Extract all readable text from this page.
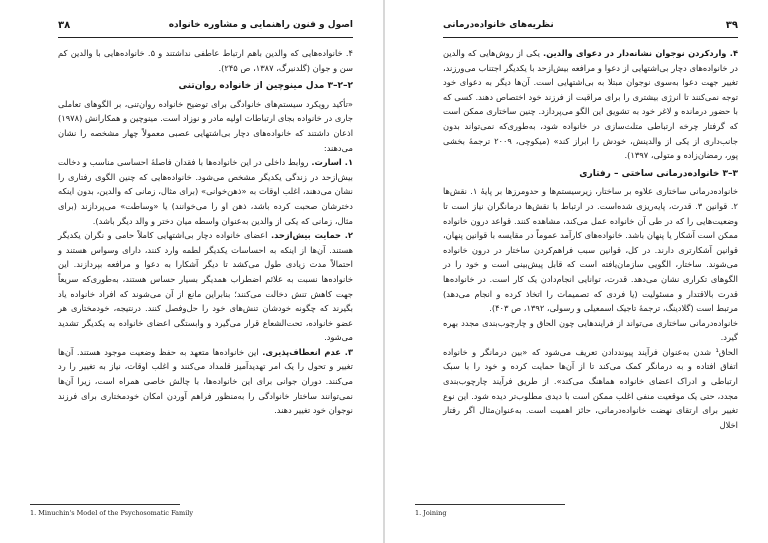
۳۸	اصول و فنون راهنمایی و مشاوره خانواده

۴. خانواده‌هایی که والدین باهم ارتباط عاطفی نداشتند و ۵. خانواده‌هایی با والدین کم سن و جوان (گلدنبرگ، ۱۳۸۷، ص ۲۴۵).

۲–۲–۳ مدل مینوچین از خانواده روان‌تنی

«تأکید رویکرد سیستم‌های خانوادگی برای توضیح خانواده روان‌تنی، بر الگوهای تعاملی جاری در خانواده بجای ارتباطات اولیه مادر و نوزاد است. مینوچین و همکارانش (۱۹۷۸) اذعان داشتند که خانواده‌های دچار بی‌اشتهایی عصبی معمولاً چهار مشخصه را نشان می‌دهند:

۱. اسارت. روابط داخلی در این خانواده‌ها با فقدان فاصلهٔ احساسی مناسب و دخالت بیش‌ازحد در زندگی یکدیگر مشخص می‌شود. خانواده‌هایی که چنین الگوی رفتاری را نشان می‌دهند، اغلب اوقات به «ذهن‌خوانی» (برای مثال، زمانی که والدین، بدون اینکه دخترشان صحبت کرده باشد، ذهن او را می‌خوانند) یا «وساطت» می‌پردازند (برای مثال، زمانی که یکی از والدین به‌عنوان واسطه میان دختر و والد دیگر باشد).

۲. حمایت بیش‌ازحد. اعضای خانواده دچار بی‌اشتهایی کاملاً حامی و نگران یکدیگر هستند. آن‌ها از اینکه به احساسات یکدیگر لطمه وارد کنند، دارای وسواس هستند و احتمالاً مدت زیادی طول می‌کشد تا دیگر آشکارا به دعوا و مرافعه بپردازند. این خانواده‌ها نسبت به علائم اضطراب همدیگر بسیار حساس هستند، به‌طوری‌که سریعاً جهت کاهش تنش دخالت می‌کنند؛ بنابراین مانع از آن می‌شوند که افراد خانواده یاد بگیرند که چگونه خودشان تنش‌های خود را حل‌وفصل کنند. درنتیجه، خودمختاری هر عضو خانواده، تحت‌الشعاع قرار می‌گیرد و وابستگی اعضای خانواده به یکدیگر تشدید می‌شود.

۳. عدم انعطاف‌پذیری. این خانواده‌ها متعهد به حفظ وضعیت موجود هستند. آن‌ها تغییر و تحول را یک امر تهدیدآمیز قلمداد می‌کنند و اغلب اوقات، نیاز به تغییر را رد می‌کنند. دوران جوانی برای این خانواده‌ها، با چالش خاصی همراه است، زیرا آن‌ها نمی‌توانند ساختار خانوادگی را به‌منظور فراهم آوردن امکان خودمختاری برای فرزند نوجوان خود تغییر دهند.

1. Minuchin's Model of the Psychosomatic Family
۳۹
نظریه‌های خانواده‌درمانی

۴. واردکردن نوجوان نشانه‌دار در دعوای والدین. یکی از روش‌هایی که والدین در خانواده‌های دچار بی‌اشتهایی از دعوا و مرافعه بیش‌ازحد با یکدیگر اجتناب می‌ورزند، تغییر جهت دعوا به‌سوی نوجوان مبتلا به بی‌اشتهایی است. آن‌ها دیگر به دعوای خود توجه نمی‌کنند تا انرژی بیشتری را برای مراقبت از فرزند خود اختصاص دهند. کسی که با حضور درمانده و لاغر خود به تشویق این الگو می‌پردازد. چنین ساختاری ممکن است که گرفتار چرخه ارتباطی متلث‌سازی در خانواده شود، به‌طوری‌که نمی‌تواند بدون جانب‌داری از یکی از والدینش، خودش را ابراز کند» (میکوچی، ۲۰۰۹ ترجمهٔ بخشی پور، رمضان‌زاده و متولی، ۱۳۹۷).

۳–۳ خانواده‌درمانی ساختی – رفتاری

خانواده‌درمانی ساختاری علاوه بر ساختار، زیرسیستم‌ها و حدومرزها بر پایهٔ ۱. نقش‌ها ۲. قوانین ۳. قدرت، پایه‌ریزی شده‌است. در ارتباط با نقش‌ها درمانگران نیاز است تا وضعیت‌هایی را که در طی آن خانواده عمل می‌کند، مشاهده کنند. قواعد درون خانواده ممکن است آشکار یا پنهان باشد. خانواده‌های کارآمد عموماً در مقایسه با قوانین پنهان، قوانین آشکارتری دارند. در کل، قوانین سبب فراهم‌کردن ساختار در درون خانواده می‌شوند. ساختار، الگویی سازمان‌یافته است که قابل پیش‌بینی است و خود را در الگوهای تکراری نشان می‌دهد. قدرت، توانایی انجام‌دادن یک کار است. در خانواده‌ها قدرت بالاقتدار و مسئولیت (یا فردی که تصمیمات را اتخاذ کرده و انجام می‌دهد) مرتبط است (گلادینگ، ترجمهٔ تاجیک اسمعیلی و رسولی، ۱۳۹۲، ص ۴۰۳).

خانواده‌درمانی ساختاری می‌تواند از فرایندهایی چون الحاق و چارچوب‌بندی مجدد بهره گیرد.

الحاق¹ شدن به‌عنوان فرآیند پیونددادن تعریف می‌شود که «بین درمانگر و خانواده اتفاق افتاده و به درمانگر کمک می‌کند تا از آن‌ها حمایت کرده و خود را با سبک ارتباطی و ادراک اعضای خانواده هماهنگ می‌کند». از طریق فرآیند چارچوب‌بندی مجدد، حتی یک موقعیت منفی اغلب ممکن است با دیدی مطلوب‌تر دیده شود. این نوع تغییر برای ارتقای نهضت خانواده‌درمانی، حائز اهمیت است. به‌عنوان‌مثال اگر رفتار اخلال

1. Joining
